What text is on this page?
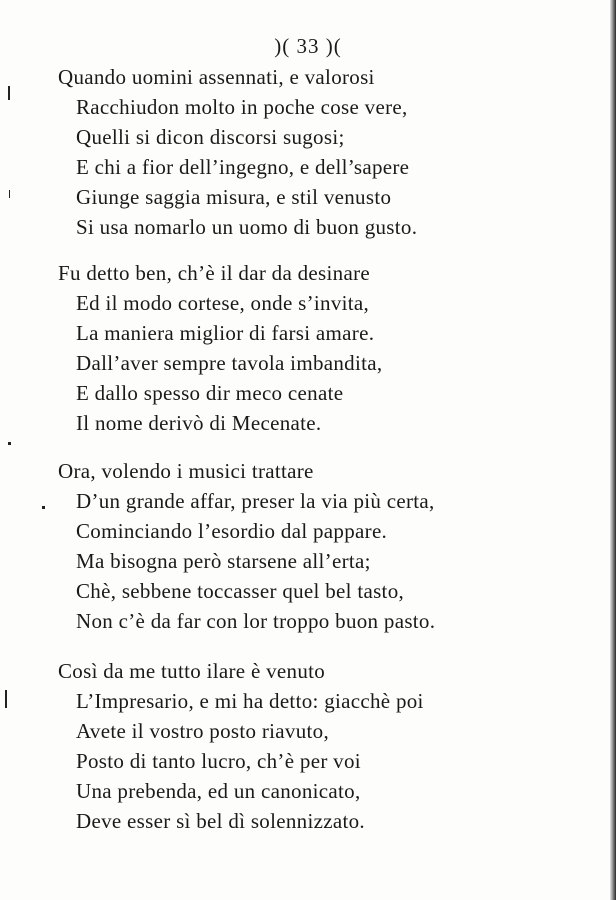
)( 33 )(
Quando uomini assennati, e valorosi
Racchiudon molto in poche cose vere,
Quelli si dicon discorsi sugosi;
E chi a fior dell’ingegno, e dell’sapere
Giunge saggia misura, e stil venusto
Si usa nomarlo un uomo di buon gusto.
Fu detto ben, ch’è il dar da desinare
Ed il modo cortese, onde s’invita,
La maniera miglior di farsi amare.
Dall’aver sempre tavola imbandita,
E dallo spesso dir meco cenate
Il nome derivò di Mecenate.
Ora, volendo i musici trattare
D’un grande affar, preser la via più certa,
Cominciando l’esordio dal pappare.
Ma bisogna però starsene all’erta;
Chè, sebbene toccasser quel bel tasto,
Non c’è da far con lor troppo buon pasto.
Così da me tutto ilare è venuto
L’Impresario, e mi ha detto: giacchè poi
Avete il vostro posto riavuto,
Posto di tanto lucro, ch’è per voi
Una prebenda, ed un canonicato,
Deve esser sì bel dì solennizzato.
